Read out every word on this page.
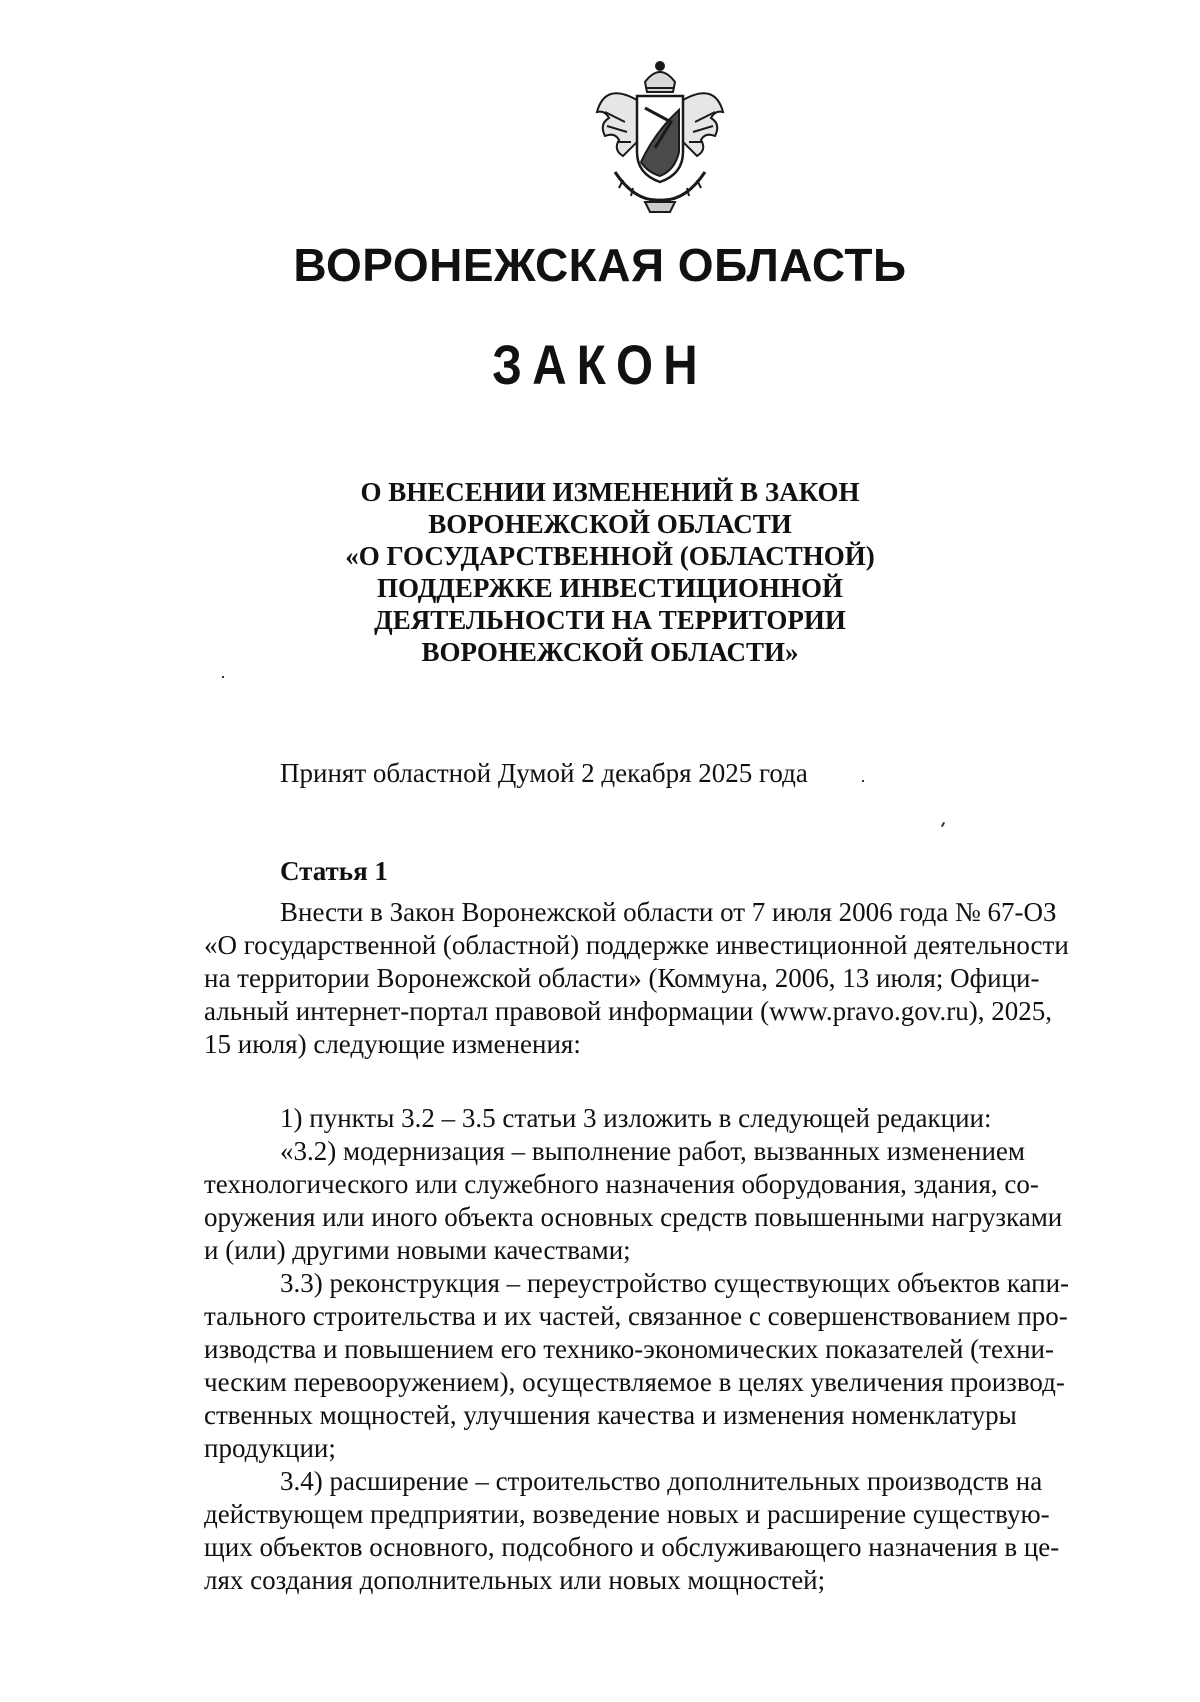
ВОРОНЕЖСКАЯ ОБЛАСТЬ
ЗАКОН
О ВНЕСЕНИИ ИЗМЕНЕНИЙ В ЗАКОН
ВОРОНЕЖСКОЙ ОБЛАСТИ
«О ГОСУДАРСТВЕННОЙ (ОБЛАСТНОЙ)
ПОДДЕРЖКЕ ИНВЕСТИЦИОННОЙ
ДЕЯТЕЛЬНОСТИ НА ТЕРРИТОРИИ
ВОРОНЕЖСКОЙ ОБЛАСТИ»

Принят областной Думой 2 декабря 2025 года

Статья 1

Внести в Закон Воронежской области от 7 июля 2006 года № 67-ОЗ
«О государственной (областной) поддержке инвестиционной деятельности
на территории Воронежской области» (Коммуна, 2006, 13 июля; Офици-
альный интернет-портал правовой информации (www.pravo.gov.ru), 2025,
15 июля) следующие изменения:
1) пункты 3.2 – 3.5 статьи 3 изложить в следующей редакции:
«3.2) модернизация – выполнение работ, вызванных изменением
технологического или служебного назначения оборудования, здания, со-
оружения или иного объекта основных средств повышенными нагрузками
и (или) другими новыми качествами;
3.3) реконструкция – переустройство существующих объектов капи-
тального строительства и их частей, связанное с совершенствованием про-
изводства и повышением его технико-экономических показателей (техни-
ческим перевооружением), осуществляемое в целях увеличения производ-
ственных мощностей, улучшения качества и изменения номенклатуры
продукции;
3.4) расширение – строительство дополнительных производств на
действующем предприятии, возведение новых и расширение существую-
щих объектов основного, подсобного и обслуживающего назначения в це-
лях создания дополнительных или новых мощностей;
